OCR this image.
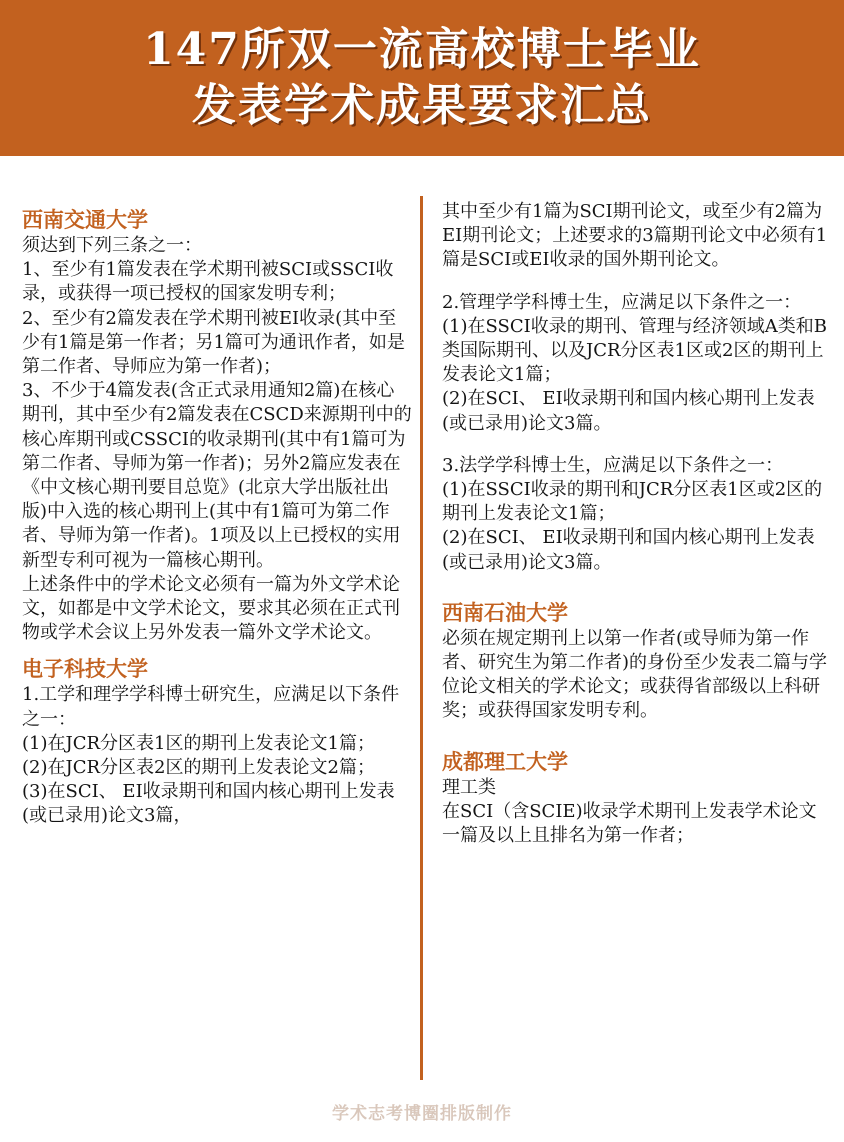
147所双一流高校博士毕业
发表学术成果要求汇总
西南交通大学
须达到下列三条之一：
1、至少有1篇发表在学术期刊被SCI或SSCI收录，或获得一项已授权的国家发明专利；
2、至少有2篇发表在学术期刊被EI收录(其中至少有1篇是第一作者；另1篇可为通讯作者，如是第二作者、导师应为第一作者)；
3、不少于4篇发表(含正式录用通知2篇)在核心期刊，其中至少有2篇发表在CSCD来源期刊中的核心库期刊或CSSCI的收录期刊(其中有1篇可为第二作者、导师为第一作者)；另外2篇应发表在《中文核心期刊要目总览》(北京大学出版社出版)中入选的核心期刊上(其中有1篇可为第二作者、导师为第一作者)。1项及以上已授权的实用新型专利可视为一篇核心期刊。
上述条件中的学术论文必须有一篇为外文学术论文，如都是中文学术论文，要求其必须在正式刊物或学术会议上另外发表一篇外文学术论文。
电子科技大学
1.工学和理学学科博士研究生，应满足以下条件之一：
(1)在JCR分区表1区的期刊上发表论文1篇；
(2)在JCR分区表2区的期刊上发表论文2篇；
(3)在SCI、 EI收录期刊和国内核心期刊上发表(或已录用)论文3篇，
其中至少有1篇为SCI期刊论文，或至少有2篇为EI期刊论文；上述要求的3篇期刊论文中必须有1篇是SCI或EI收录的国外期刊论文。
2.管理学学科博士生，应满足以下条件之一：
(1)在SSCI收录的期刊、管理与经济领域A类和B类国际期刊、以及JCR分区表1区或2区的期刊上发表论文1篇；
(2)在SCI、 EI收录期刊和国内核心期刊上发表(或已录用)论文3篇。
3.法学学科博士生，应满足以下条件之一：
(1)在SSCI收录的期刊和JCR分区表1区或2区的期刊上发表论文1篇；
(2)在SCI、 EI收录期刊和国内核心期刊上发表(或已录用)论文3篇。
西南石油大学
必须在规定期刊上以第一作者(或导师为第一作者、研究生为第二作者)的身份至少发表二篇与学位论文相关的学术论文；或获得省部级以上科研奖；或获得国家发明专利。
成都理工大学
理工类
在SCI（含SCIE)收录学术期刊上发表学术论文一篇及以上且排名为第一作者；
学术志考博圈排版制作
